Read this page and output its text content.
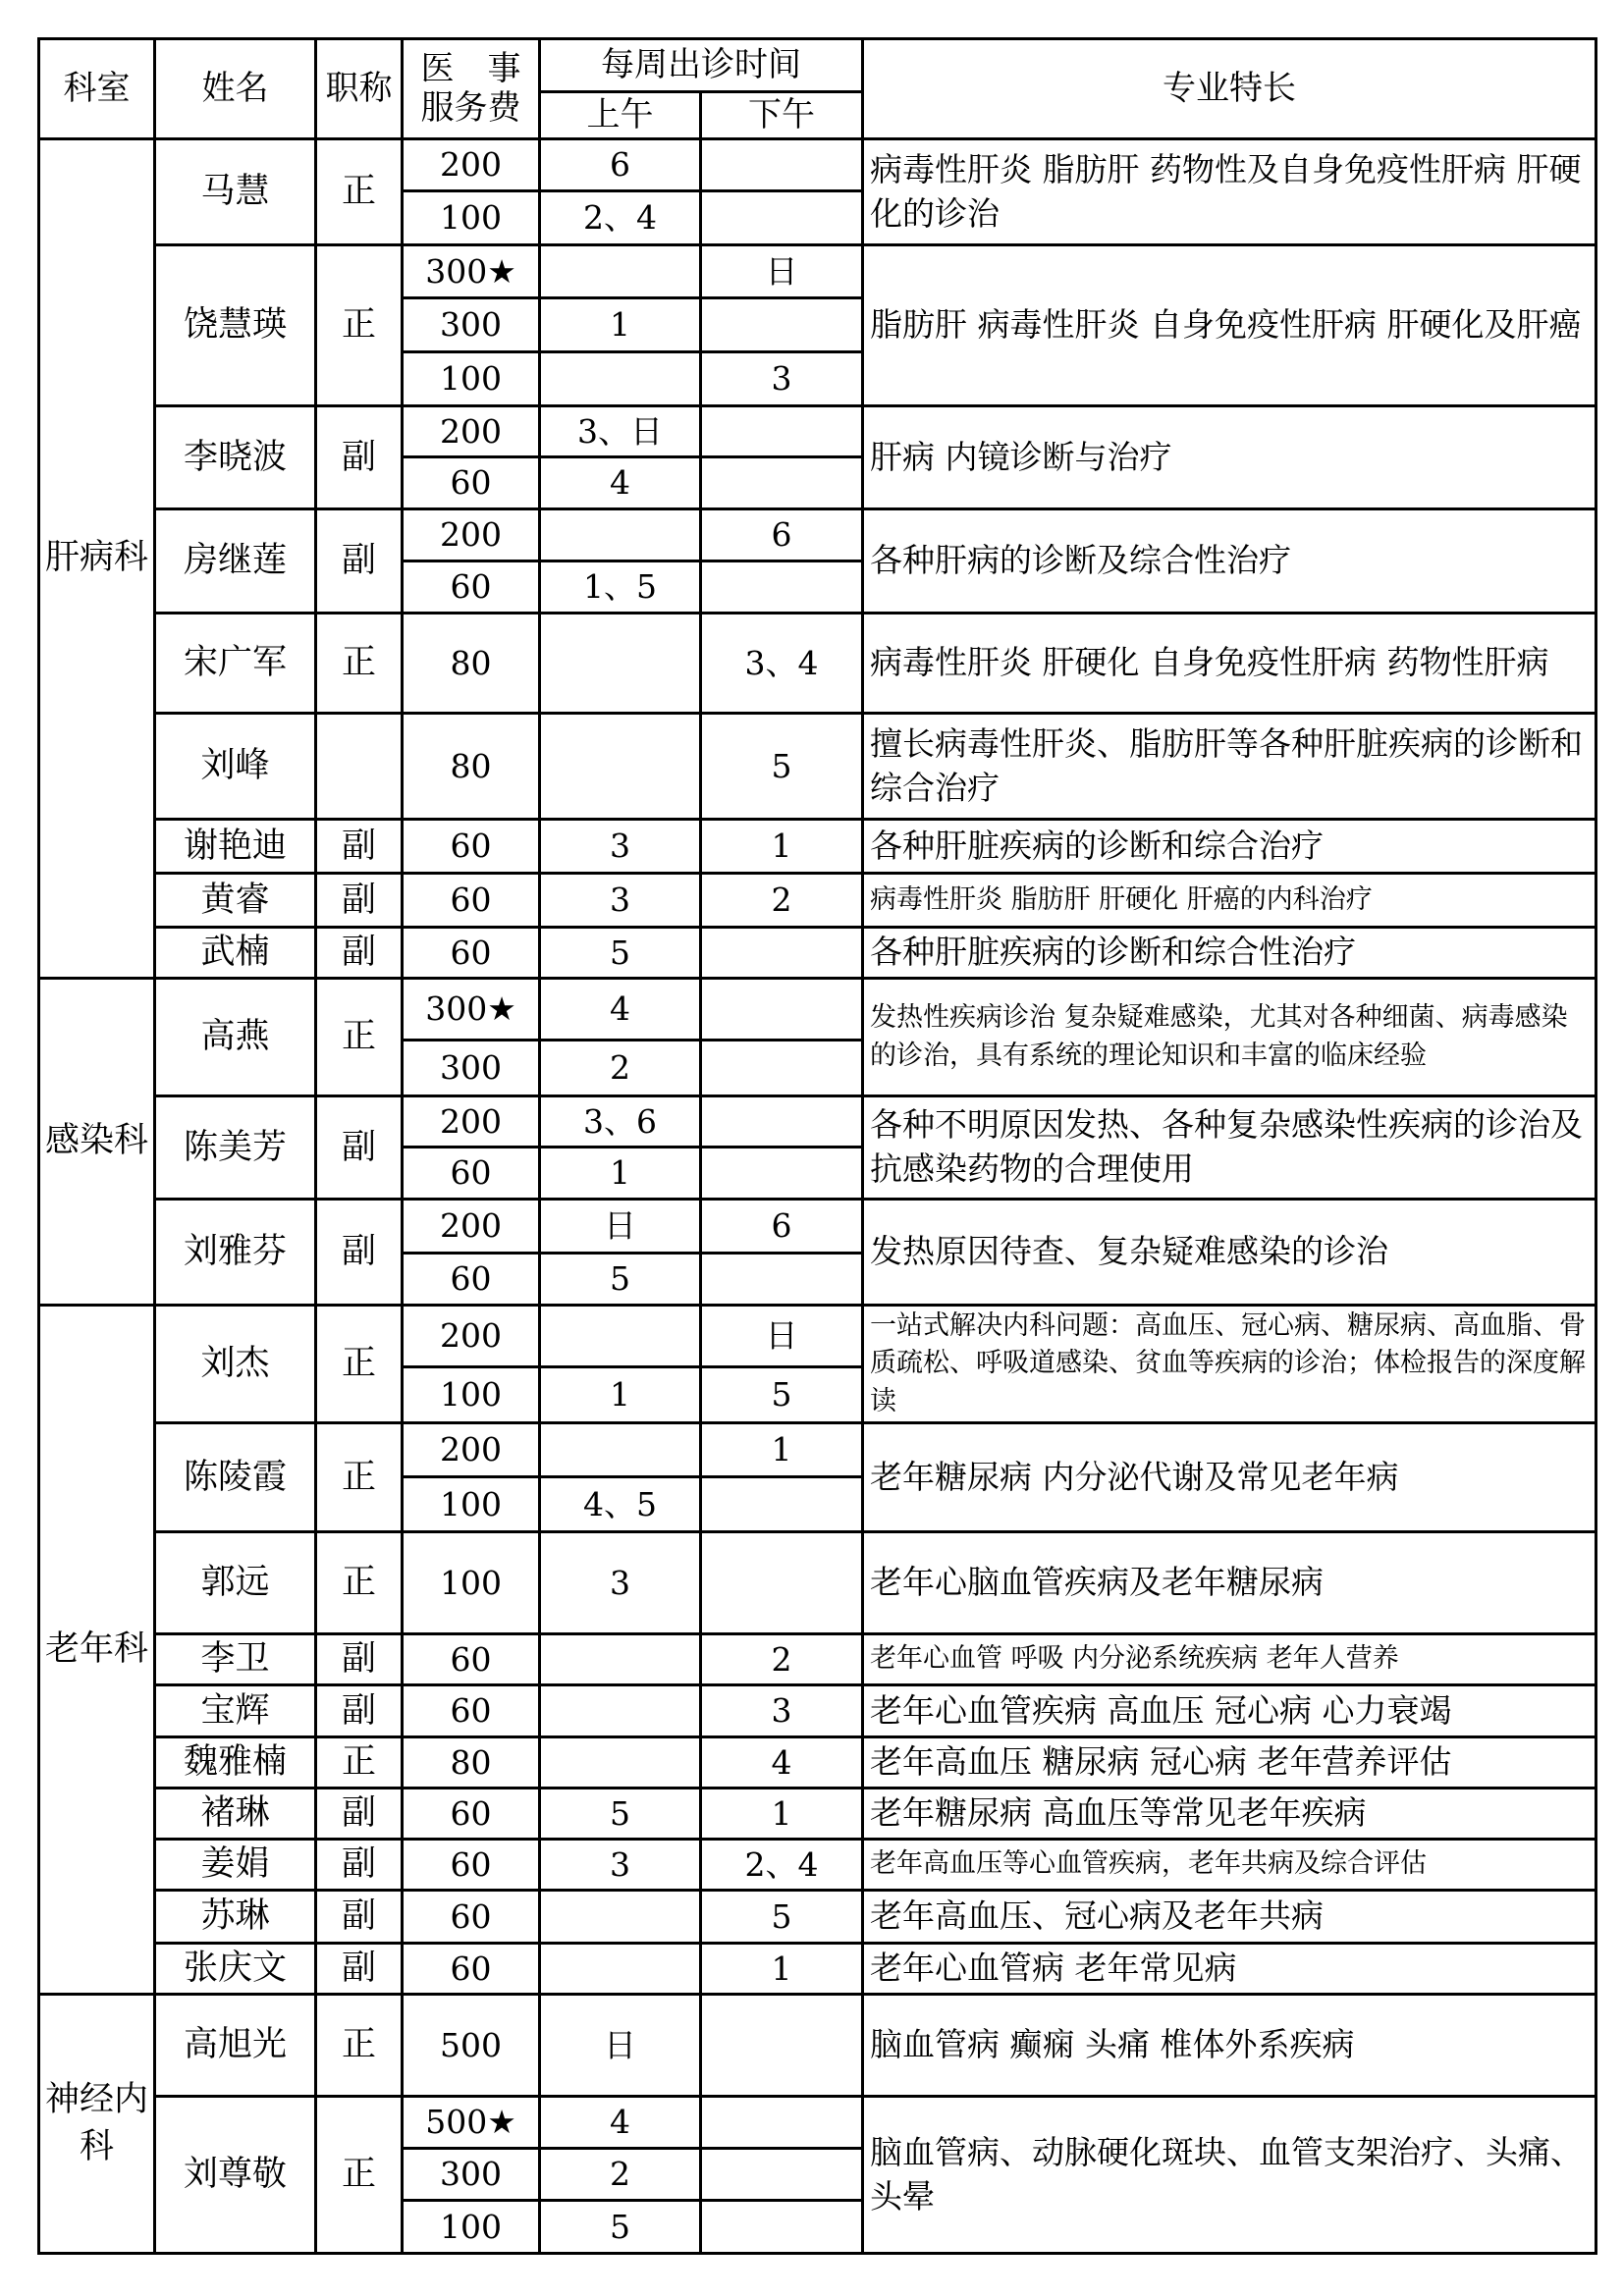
科室	姓名	职称	医　事
服务费	每周出诊时间		专业特长
				上午	下午	
肝病科	马慧	正	200	6		病毒性肝炎 脂肪肝 药物性及自身免疫性肝病 肝硬化的诊治
			100	2、4		
	饶慧瑛	正	300★		日	脂肪肝 病毒性肝炎 自身免疫性肝病 肝硬化及肝癌
			300	1		
			100		3	
	李晓波	副	200	3、日		肝病 内镜诊断与治疗
			60	4		
	房继莲	副	200		6	各种肝病的诊断及综合性治疗
			60	1、5		
	宋广军	正	80		3、4	病毒性肝炎 肝硬化 自身免疫性肝病 药物性肝病
	刘峰		80		5	擅长病毒性肝炎、脂肪肝等各种肝脏疾病的诊断和综合治疗
	谢艳迪	副	60	3	1	各种肝脏疾病的诊断和综合治疗
	黄睿	副	60	3	2	病毒性肝炎 脂肪肝 肝硬化 肝癌的内科治疗
	武楠	副	60	5		各种肝脏疾病的诊断和综合性治疗
感染科	高燕	正	300★	4		发热性疾病诊治 复杂疑难感染，尤其对各种细菌、病毒感染的诊治，具有系统的理论知识和丰富的临床经验
			300	2		
	陈美芳	副	200	3、6		各种不明原因发热、各种复杂感染性疾病的诊治及抗感染药物的合理使用
			60	1		
	刘雅芬	副	200	日	6	发热原因待查、复杂疑难感染的诊治
			60	5		
老年科	刘杰	正	200		日	一站式解决内科问题：高血压、冠心病、糖尿病、高血脂、骨质疏松、呼吸道感染、贫血等疾病的诊治；体检报告的深度解读
			100	1	5	
	陈陵霞	正	200		1	老年糖尿病 内分泌代谢及常见老年病
			100	4、5		
	郭远	正	100	3		老年心脑血管疾病及老年糖尿病
	李卫	副	60		2	老年心血管 呼吸 内分泌系统疾病 老年人营养
	宝辉	副	60		3	老年心血管疾病 高血压 冠心病 心力衰竭
	魏雅楠	正	80		4	老年高血压 糖尿病 冠心病 老年营养评估
	褚琳	副	60	5	1	老年糖尿病 高血压等常见老年疾病
	姜娟	副	60	3	2、4	老年高血压等心血管疾病，老年共病及综合评估
	苏琳	副	60		5	老年高血压、冠心病及老年共病
	张庆文	副	60		1	老年心血管病 老年常见病
神经内科	高旭光	正	500	日		脑血管病 癫痫 头痛 椎体外系疾病
	刘尊敬	正	500★	4		脑血管病、动脉硬化斑块、血管支架治疗、头痛、头晕
			300	2		
			100	5		
